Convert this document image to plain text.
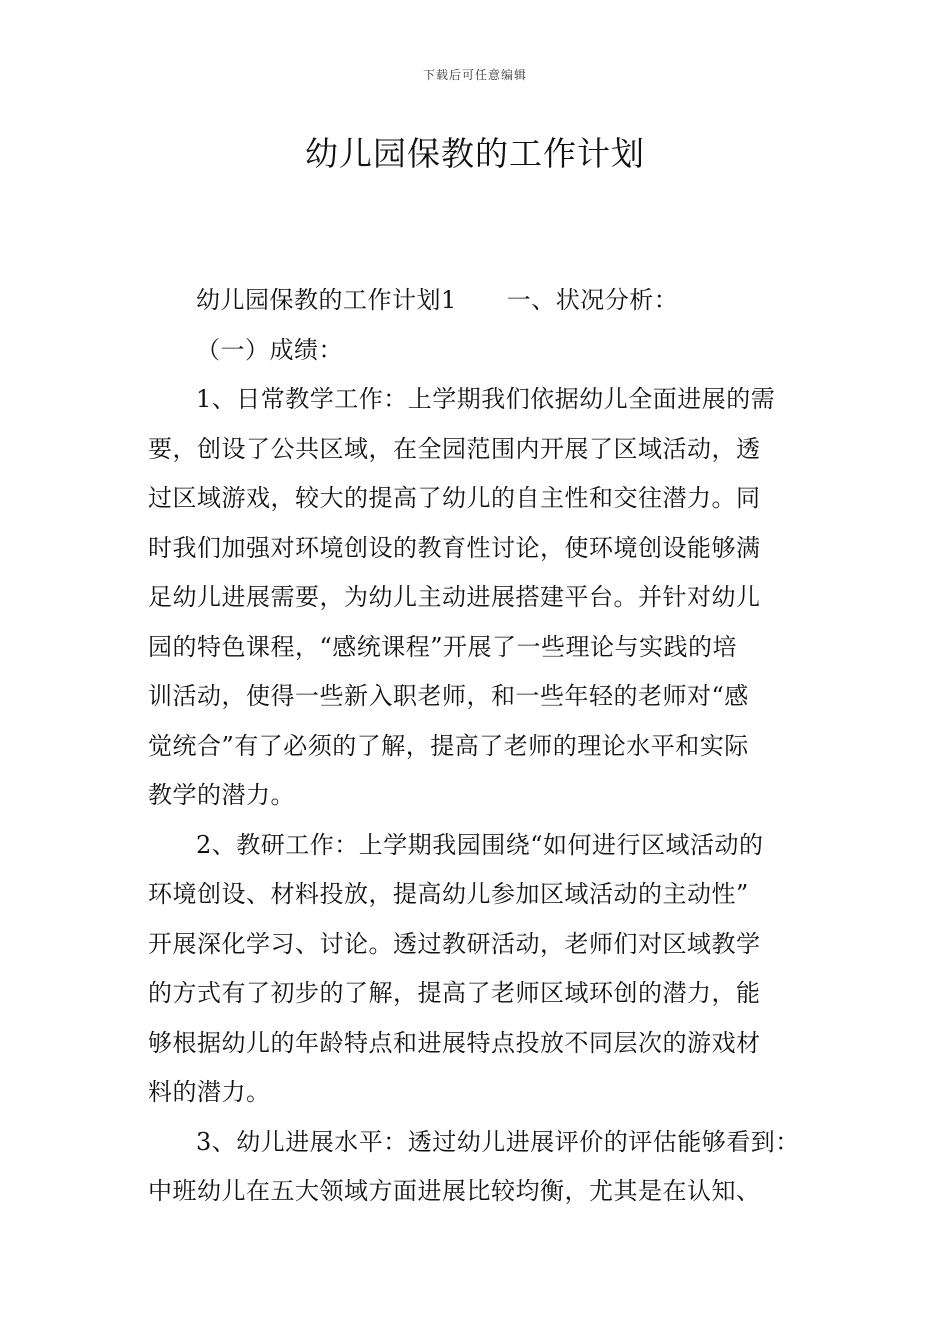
下载后可任意编辑
幼儿园保教的工作计划
幼儿园保教的工作计划1 一、状况分析：
（一）成绩：
1、日常教学工作：上学期我们依据幼儿全面进展的需
要，创设了公共区域，在全园范围内开展了区域活动，透
过区域游戏，较大的提高了幼儿的自主性和交往潜力。同
时我们加强对环境创设的教育性讨论，使环境创设能够满
足幼儿进展需要，为幼儿主动进展搭建平台。并针对幼儿
园的特色课程，“感统课程”开展了一些理论与实践的培
训活动，使得一些新入职老师，和一些年轻的老师对“感
觉统合”有了必须的了解，提高了老师的理论水平和实际
教学的潜力。
2、教研工作：上学期我园围绕“如何进行区域活动的
环境创设、材料投放，提高幼儿参加区域活动的主动性”
开展深化学习、讨论。透过教研活动，老师们对区域教学
的方式有了初步的了解，提高了老师区域环创的潜力，能
够根据幼儿的年龄特点和进展特点投放不同层次的游戏材
料的潜力。
3、幼儿进展水平：透过幼儿进展评价的评估能够看到：
中班幼儿在五大领域方面进展比较均衡，尤其是在认知、
